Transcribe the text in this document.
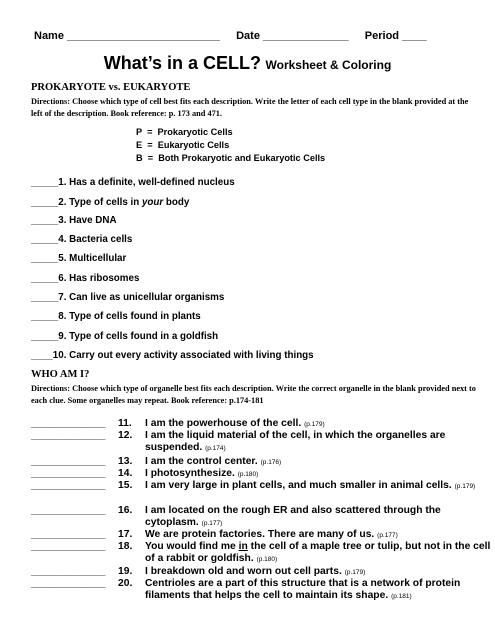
Name _________________________ Date ______________ Period ____
What’s in a CELL? Worksheet & Coloring
PROKARYOTE vs. EUKARYOTE
Directions: Choose which type of cell best fits each description. Write the letter of each cell type in the blank provided at the left of the description. Book reference: p. 173 and 471.
P  =  Prokaryotic Cells
E  =  Eukaryotic Cells
B  =  Both Prokaryotic and Eukaryotic Cells
_____1. Has a definite, well-defined nucleus
_____2. Type of cells in your body
_____3. Have DNA
_____4. Bacteria cells
_____5. Multicellular
_____6. Has ribosomes
_____7. Can live as unicellular organisms
_____8. Type of cells found in plants
_____9. Type of cells found in a goldfish
____10. Carry out every activity associated with living things
WHO AM I?
Directions: Choose which type of organelle best fits each description. Write the correct organelle in the blank provided next to each clue. Some organelles may repeat. Book reference: p.174-181
_____________ 11. I am the powerhouse of the cell. (p.179)
_____________ 12. I am the liquid material of the cell, in which the organelles are suspended. (p.174)
_____________ 13. I am the control center. (p.176)
_____________ 14. I photosynthesize. (p.180)
_____________ 15. I am very large in plant cells, and much smaller in animal cells. (p.179)
_____________ 16. I am located on the rough ER and also scattered through the cytoplasm. (p.177)
_____________ 17. We are protein factories. There are many of us. (p.177)
_____________ 18. You would find me in the cell of a maple tree or tulip, but not in the cell of a rabbit or goldfish. (p.180)
_____________ 19. I breakdown old and worn out cell parts. (p.179)
_____________ 20. Centrioles are a part of this structure that is a network of protein filaments that helps the cell to maintain its shape. (p.181)
